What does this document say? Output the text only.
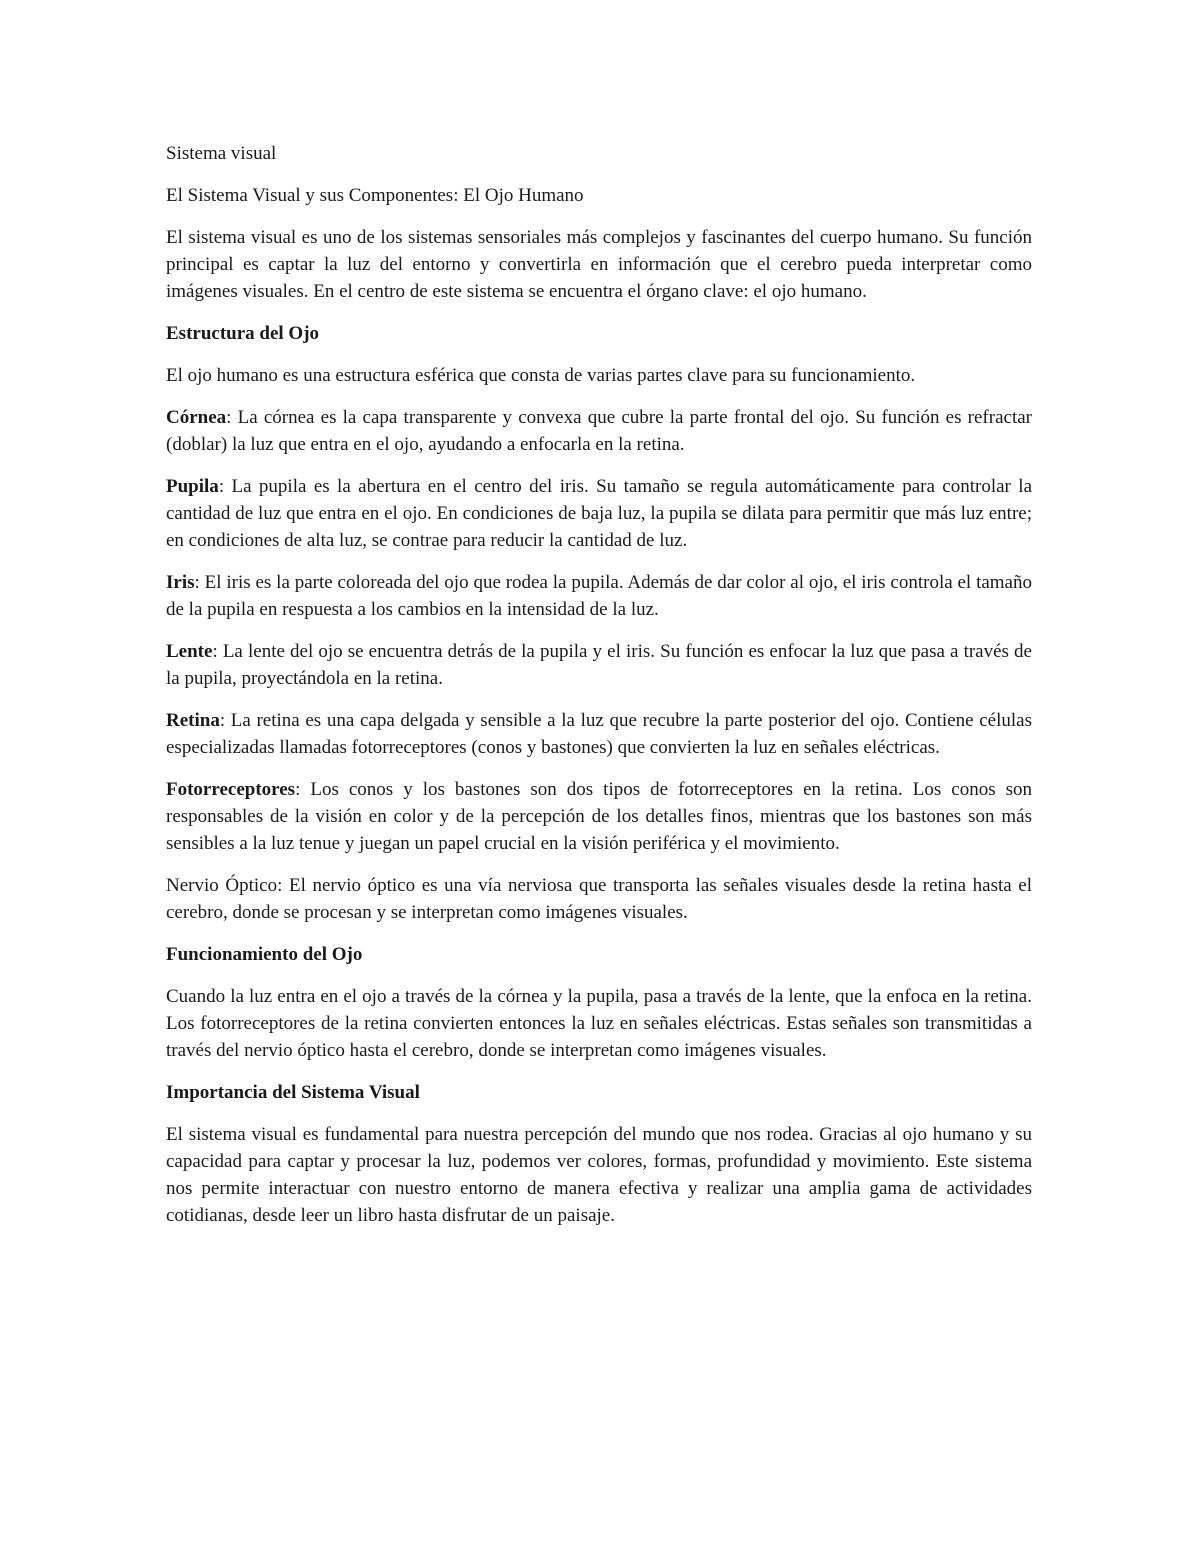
Sistema visual

El Sistema Visual y sus Componentes: El Ojo Humano

El sistema visual es uno de los sistemas sensoriales más complejos y fascinantes del cuerpo humano. Su función principal es captar la luz del entorno y convertirla en información que el cerebro pueda interpretar como imágenes visuales. En el centro de este sistema se encuentra el órgano clave: el ojo humano.

Estructura del Ojo

El ojo humano es una estructura esférica que consta de varias partes clave para su funcionamiento.

Córnea: La córnea es la capa transparente y convexa que cubre la parte frontal del ojo. Su función es refractar (doblar) la luz que entra en el ojo, ayudando a enfocarla en la retina.

Pupila: La pupila es la abertura en el centro del iris. Su tamaño se regula automáticamente para controlar la cantidad de luz que entra en el ojo. En condiciones de baja luz, la pupila se dilata para permitir que más luz entre; en condiciones de alta luz, se contrae para reducir la cantidad de luz.

Iris: El iris es la parte coloreada del ojo que rodea la pupila. Además de dar color al ojo, el iris controla el tamaño de la pupila en respuesta a los cambios en la intensidad de la luz.

Lente: La lente del ojo se encuentra detrás de la pupila y el iris. Su función es enfocar la luz que pasa a través de la pupila, proyectándola en la retina.

Retina: La retina es una capa delgada y sensible a la luz que recubre la parte posterior del ojo. Contiene células especializadas llamadas fotorreceptores (conos y bastones) que convierten la luz en señales eléctricas.

Fotorreceptores: Los conos y los bastones son dos tipos de fotorreceptores en la retina. Los conos son responsables de la visión en color y de la percepción de los detalles finos, mientras que los bastones son más sensibles a la luz tenue y juegan un papel crucial en la visión periférica y el movimiento.

Nervio Óptico: El nervio óptico es una vía nerviosa que transporta las señales visuales desde la retina hasta el cerebro, donde se procesan y se interpretan como imágenes visuales.

Funcionamiento del Ojo

Cuando la luz entra en el ojo a través de la córnea y la pupila, pasa a través de la lente, que la enfoca en la retina. Los fotorreceptores de la retina convierten entonces la luz en señales eléctricas. Estas señales son transmitidas a través del nervio óptico hasta el cerebro, donde se interpretan como imágenes visuales.

Importancia del Sistema Visual

El sistema visual es fundamental para nuestra percepción del mundo que nos rodea. Gracias al ojo humano y su capacidad para captar y procesar la luz, podemos ver colores, formas, profundidad y movimiento. Este sistema nos permite interactuar con nuestro entorno de manera efectiva y realizar una amplia gama de actividades cotidianas, desde leer un libro hasta disfrutar de un paisaje.
